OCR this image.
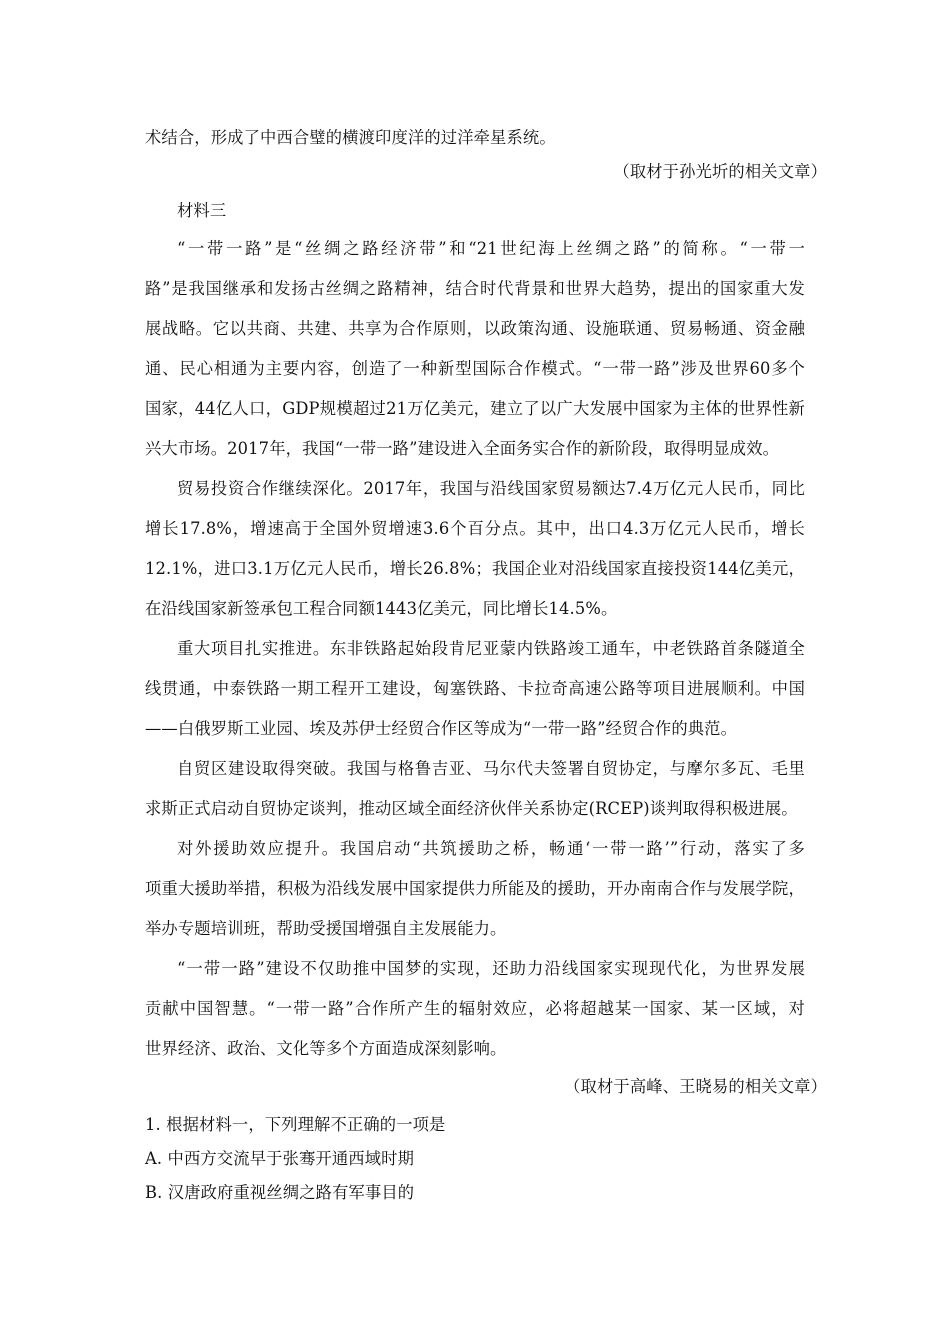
术结合，形成了中西合璧的横渡印度洋的过洋牵星系统。
（取材于孙光圻的相关文章）
材料三
“一带一路”是“丝绸之路经济带”和“21世纪海上丝绸之路”的简称。“一带一
路”是我国继承和发扬古丝绸之路精神，结合时代背景和世界大趋势，提出的国家重大发
展战略。它以共商、共建、共享为合作原则，以政策沟通、设施联通、贸易畅通、资金融
通、民心相通为主要内容，创造了一种新型国际合作模式。“一带一路”涉及世界60多个
国家，44亿人口，GDP规模超过21万亿美元，建立了以广大发展中国家为主体的世界性新
兴大市场。2017年，我国“一带一路”建设进入全面务实合作的新阶段，取得明显成效。
贸易投资合作继续深化。2017年，我国与沿线国家贸易额达7.4万亿元人民币，同比
增长17.8%，增速高于全国外贸增速3.6个百分点。其中，出口4.3万亿元人民币，增长
12.1%，进口3.1万亿元人民币，增长26.8%；我国企业对沿线国家直接投资144亿美元，
在沿线国家新签承包工程合同额1443亿美元，同比增长14.5%。
重大项目扎实推进。东非铁路起始段肯尼亚蒙内铁路竣工通车，中老铁路首条隧道全
线贯通，中泰铁路一期工程开工建设，匈塞铁路、卡拉奇高速公路等项目进展顺利。中国
——白俄罗斯工业园、埃及苏伊士经贸合作区等成为“一带一路”经贸合作的典范。
自贸区建设取得突破。我国与格鲁吉亚、马尔代夫签署自贸协定，与摩尔多瓦、毛里
求斯正式启动自贸协定谈判，推动区域全面经济伙伴关系协定(RCEP)谈判取得积极进展。
对外援助效应提升。我国启动“共筑援助之桥，畅通‘一带一路’”行动，落实了多
项重大援助举措，积极为沿线发展中国家提供力所能及的援助，开办南南合作与发展学院，
举办专题培训班，帮助受援国增强自主发展能力。
“一带一路”建设不仅助推中国梦的实现，还助力沿线国家实现现代化，为世界发展
贡献中国智慧。“一带一路”合作所产生的辐射效应，必将超越某一国家、某一区域，对
世界经济、政治、文化等多个方面造成深刻影响。
（取材于高峰、王晓易的相关文章）
1. 根据材料一，下列理解不正确的一项是
A. 中西方交流早于张骞开通西域时期
B. 汉唐政府重视丝绸之路有军事目的
